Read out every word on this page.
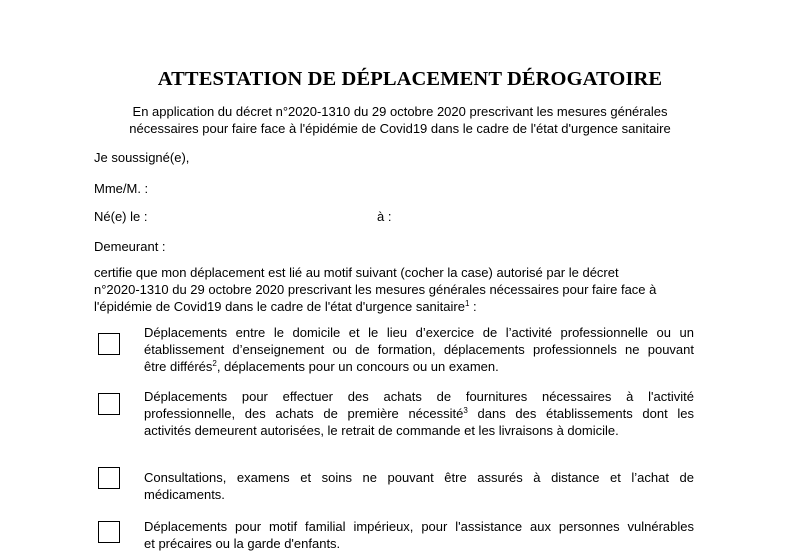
ATTESTATION DE DÉPLACEMENT DÉROGATOIRE
En application du décret n°2020-1310 du 29 octobre 2020 prescrivant les mesures générales
nécessaires pour faire face à l'épidémie de Covid19 dans le cadre de l'état d'urgence sanitaire
Je soussigné(e),
Mme/M. :
Né(e) le :	à :
Demeurant :
certifie que mon déplacement est lié au motif suivant (cocher la case) autorisé par le décret
n°2020-1310 du 29 octobre 2020 prescrivant les mesures générales nécessaires pour faire face à
l'épidémie de Covid19 dans le cadre de l'état d'urgence sanitaire$^1$ :
Déplacements entre le domicile et le lieu d’exercice de l’activité professionnelle ou un
établissement d’enseignement ou de formation, déplacements professionnels ne pouvant
être différés$^2$, déplacements pour un concours ou un examen.
Déplacements pour effectuer des achats de fournitures nécessaires à l'activité
professionnelle, des achats de première nécessité$^3$ dans des établissements dont les
activités demeurent autorisées, le retrait de commande et les livraisons à domicile.
Consultations, examens et soins ne pouvant être assurés à distance et l’achat de
médicaments.
Déplacements pour motif familial impérieux, pour l'assistance aux personnes vulnérables
et précaires ou la garde d'enfants.
